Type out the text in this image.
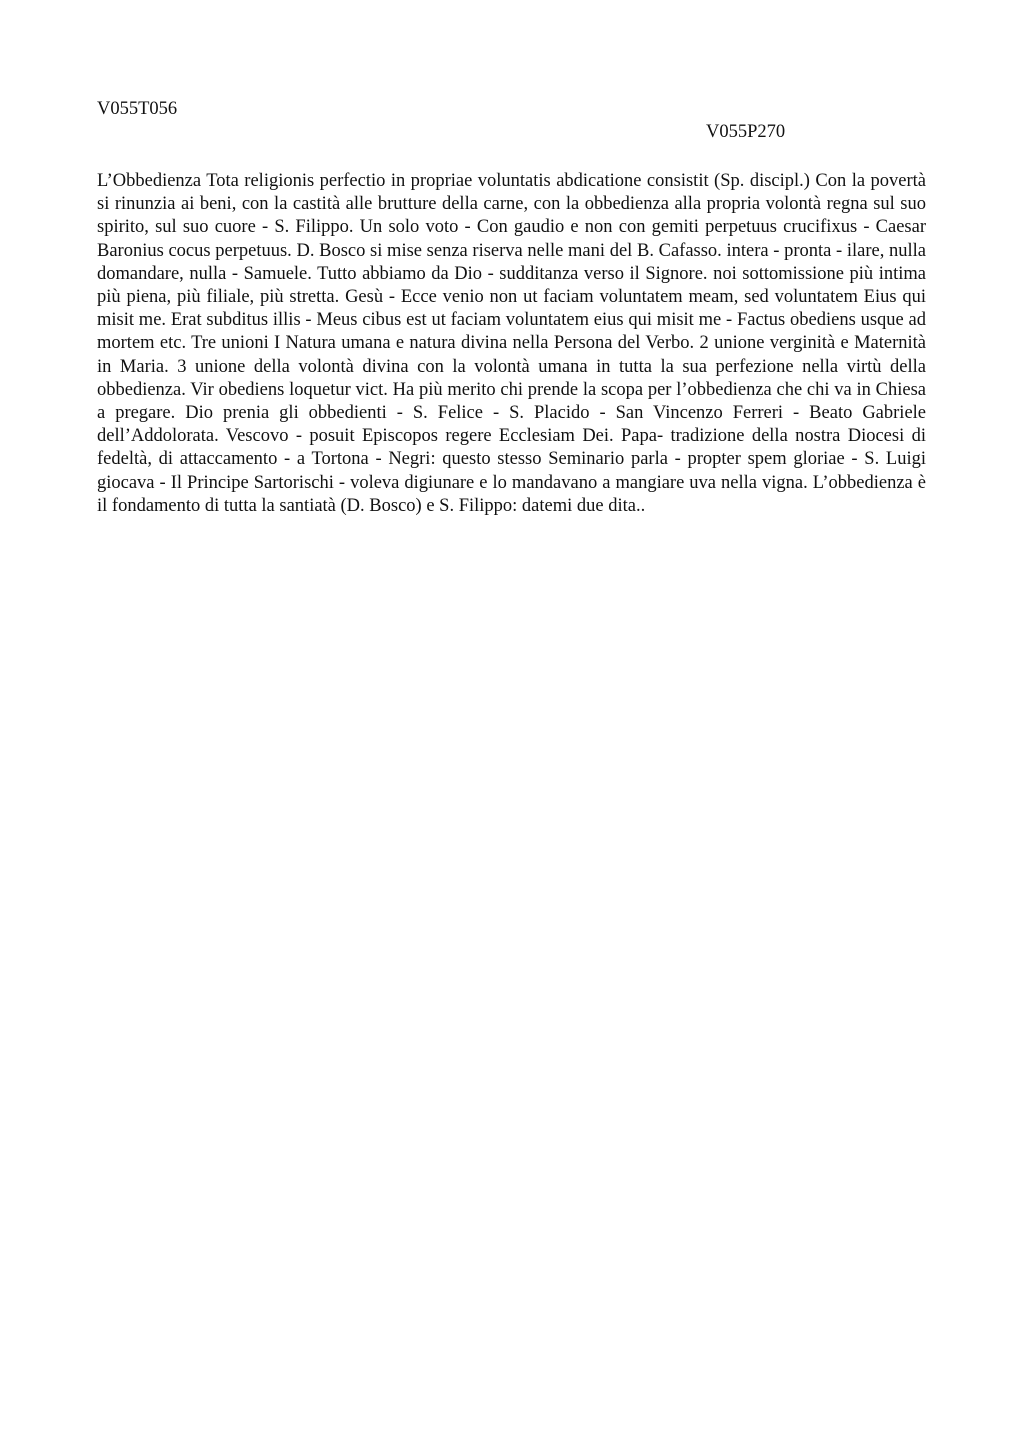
V055T056
V055P270

L’Obbedienza Tota religionis perfectio in propriae voluntatis abdicatione consistit (Sp. discipl.) Con la povertà si rinunzia ai beni, con la castità alle brutture della carne, con la obbedienza alla propria volontà regna sul suo spirito, sul suo cuore - S. Filippo. Un solo voto - Con gaudio e non con gemiti perpetuus crucifixus - Caesar Baronius cocus perpetuus. D. Bosco si mise senza riserva nelle mani del B. Cafasso. intera - pronta - ilare, nulla domandare, nulla - Samuele. Tutto abbiamo da Dio - sudditanza verso il Signore. noi sottomissione più intima più piena, più filiale, più stretta. Gesù - Ecce venio non ut faciam voluntatem meam, sed voluntatem Eius qui misit me. Erat subditus illis - Meus cibus est ut faciam voluntatem eius qui misit me - Factus obediens usque ad mortem etc. Tre unioni I Natura umana e natura divina nella Persona del Verbo. 2 unione verginità e Maternità in Maria. 3 unione della volontà divina con la volontà umana in tutta la sua perfezione nella virtù della obbedienza. Vir obediens loquetur vict. Ha più merito chi prende la scopa per l’obbedienza che chi va in Chiesa a pregare. Dio prenia gli obbedienti - S. Felice - S. Placido - San Vincenzo Ferreri - Beato Gabriele dell’Addolorata. Vescovo - posuit Episcopos regere Ecclesiam Dei. Papa- tradizione della nostra Diocesi di fedeltà, di attaccamento - a Tortona - Negri: questo stesso Seminario parla - propter spem gloriae - S. Luigi giocava - Il Principe Sartorischi - voleva digiunare e lo mandavano a mangiare uva nella vigna. L’obbedienza è il fondamento di tutta la santiatà (D. Bosco) e S. Filippo: datemi due dita..
